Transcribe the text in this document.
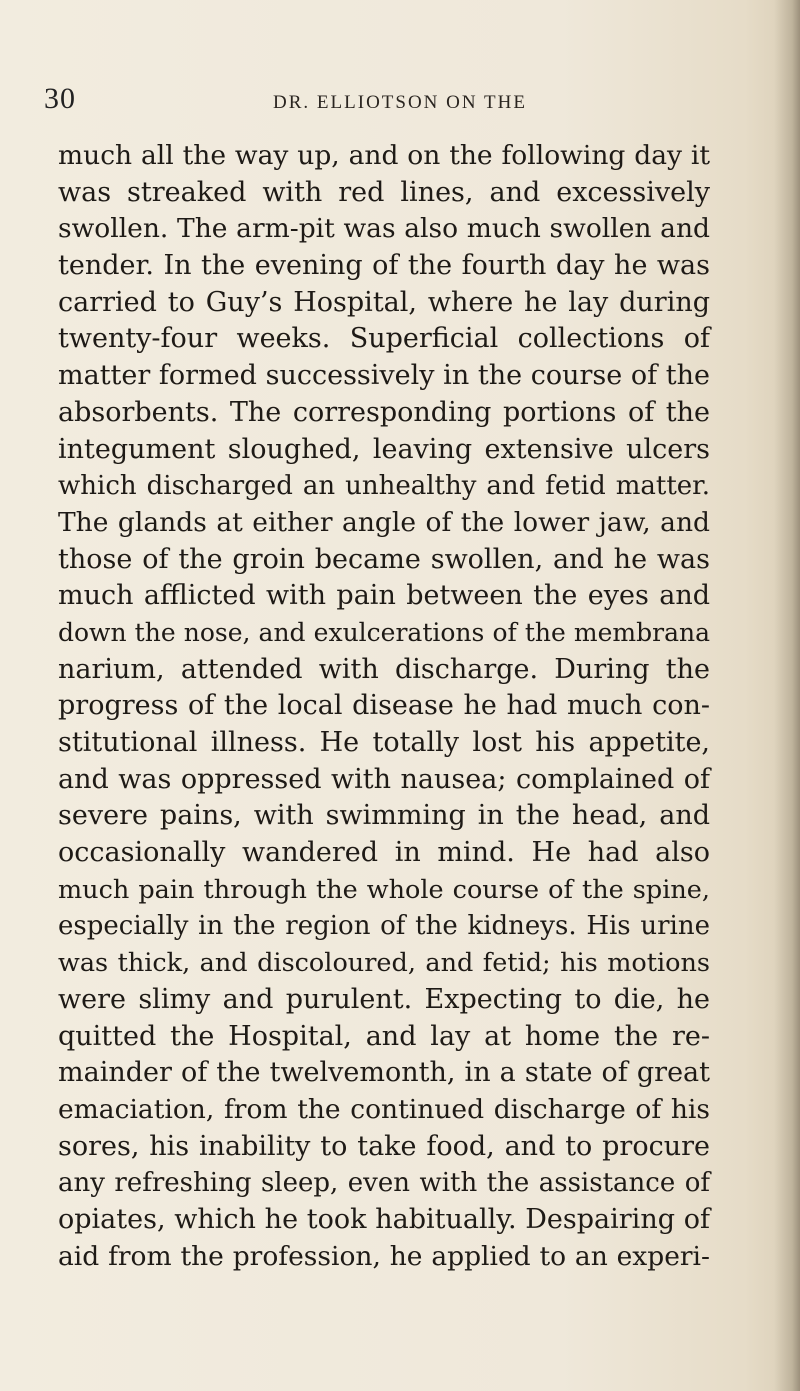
30	DR. ELLIOTSON ON THE
much all the way up, and on the following day it
was streaked with red lines, and excessively
swollen. The arm-pit was also much swollen and
tender. In the evening of the fourth day he was
carried to Guy’s Hospital, where he lay during
twenty-four weeks. Superficial collections of
matter formed successively in the course of the
absorbents. The corresponding portions of the
integument sloughed, leaving extensive ulcers
which discharged an unhealthy and fetid matter.
The glands at either angle of the lower jaw, and
those of the groin became swollen, and he was
much afflicted with pain between the eyes and
down the nose, and exulcerations of the membrana
narium, attended with discharge. During the
progress of the local disease he had much con-
stitutional illness. He totally lost his appetite,
and was oppressed with nausea; complained of
severe pains, with swimming in the head, and
occasionally wandered in mind. He had also
much pain through the whole course of the spine,
especially in the region of the kidneys. His urine
was thick, and discoloured, and fetid; his motions
were slimy and purulent. Expecting to die, he
quitted the Hospital, and lay at home the re-
mainder of the twelvemonth, in a state of great
emaciation, from the continued discharge of his
sores, his inability to take food, and to procure
any refreshing sleep, even with the assistance of
opiates, which he took habitually. Despairing of
aid from the profession, he applied to an experi-
